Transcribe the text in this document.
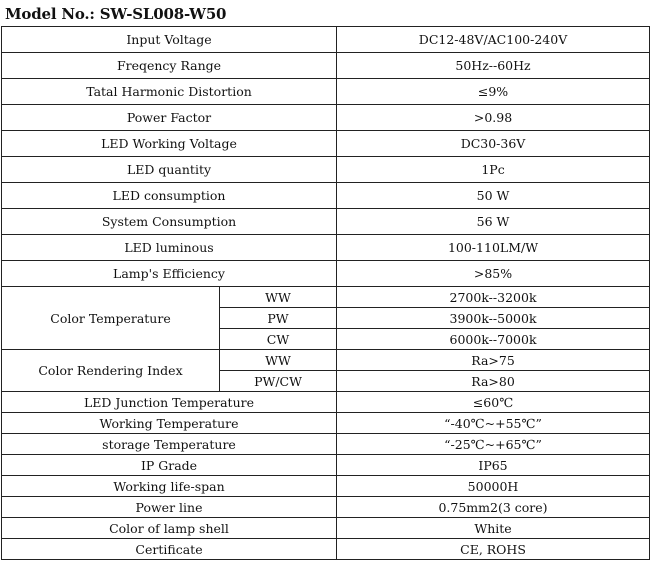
Model No.: SW-SL008-W50
Input Voltage		DC12-48V/AC100-240V
Freqency Range		50Hz--60Hz
Tatal Harmonic Distortion		≤9%
Power Factor		>0.98
LED Working Voltage		DC30-36V
LED quantity		1Pc
LED consumption		50 W
System Consumption		56 W
LED luminous		100-110LM/W
Lamp's Efficiency		>85%
Color Temperature	WW	2700k--3200k
	PW	3900k--5000k
	CW	6000k--7000k
Color Rendering Index	WW	Ra>75
	PW/CW	Ra>80
LED Junction Temperature		≤60℃
Working Temperature		“-40℃~+55℃”
storage Temperature		“-25℃~+65℃”
IP Grade		IP65
Working life-span		50000H
Power line		0.75mm2(3 core)
Color of lamp shell		White
Certificate		CE, ROHS
